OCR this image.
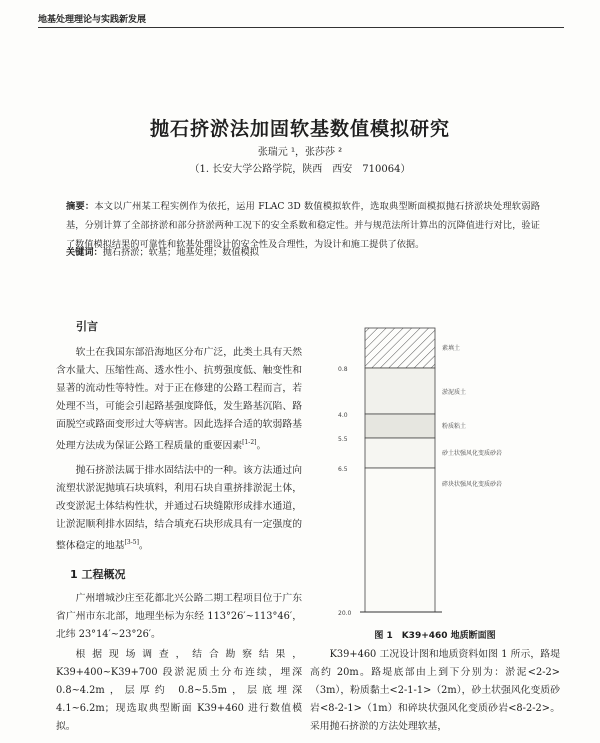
地基处理理论与实践新发展
抛石挤淤法加固软基数值模拟研究
张瑞元 ¹，张莎莎 ²
（1. 长安大学公路学院，陕西　西安　710064）
摘要：本文以广州某工程实例作为依托，运用 FLAC 3D 数值模拟软件，选取典型断面模拟抛石挤淤块处理软弱路基，分别计算了全部挤淤和部分挤淤两种工况下的安全系数和稳定性。并与规范法所计算出的沉降值进行对比，验证了数值模拟结果的可靠性和软基处理设计的安全性及合理性，为设计和施工提供了依据。
关键词：抛石挤淤；软基；地基处理；数值模拟
引言
软土在我国东部沿海地区分布广泛，此类土具有天然含水量大、压缩性高、透水性小、抗剪强度低、触变性和显著的流动性等特性。对于正在修建的公路工程而言，若处理不当，可能会引起路基强度降低，发生路基沉陷、路面脱空或路面变形过大等病害。因此选择合适的软弱路基处理方法成为保证公路工程质量的重要因素[1-2]。
抛石挤淤法属于排水固结法中的一种。该方法通过向流塑状淤泥抛填石块填料，利用石块自重挤排淤泥土体，改变淤泥土体结构性状，并通过石块缝隙形成排水通道，让淤泥顺利排水固结，结合填充石块形成具有一定强度的整体稳定的地基[3-5]。
1 工程概况
广州增城沙庄至花都北兴公路二期工程项目位于广东省广州市东北部，地理坐标为东经 113°26′~113°46′，北纬 23°14′~23°26′。
根据现场调查，结合勘察结果，K39+400~K39+700 段淤泥质土分布连续，埋深 0.8~4.2m，层厚约 0.8~5.5m，层底埋深 4.1~6.2m；现选取典型断面 K39+460 进行数值模拟。
0.8
4.0
5.5
6.5
20.0
素填土
淤泥质土
粉质粘土
砂土状强风化变质砂岩
碎块状强风化变质砂岩
图 1　K39+460 地质断面图
K39+460 工况设计图和地质资料如图 1 所示，路堤高约 20m。路堤底部由上到下分别为：淤泥<2-2>（3m），粉质黏土<2-1-1>（2m），砂土状强风化变质砂岩<8-2-1>（1m）和碎块状强风化变质砂岩<8-2-2>。采用抛石挤淤的方法处理软基，
